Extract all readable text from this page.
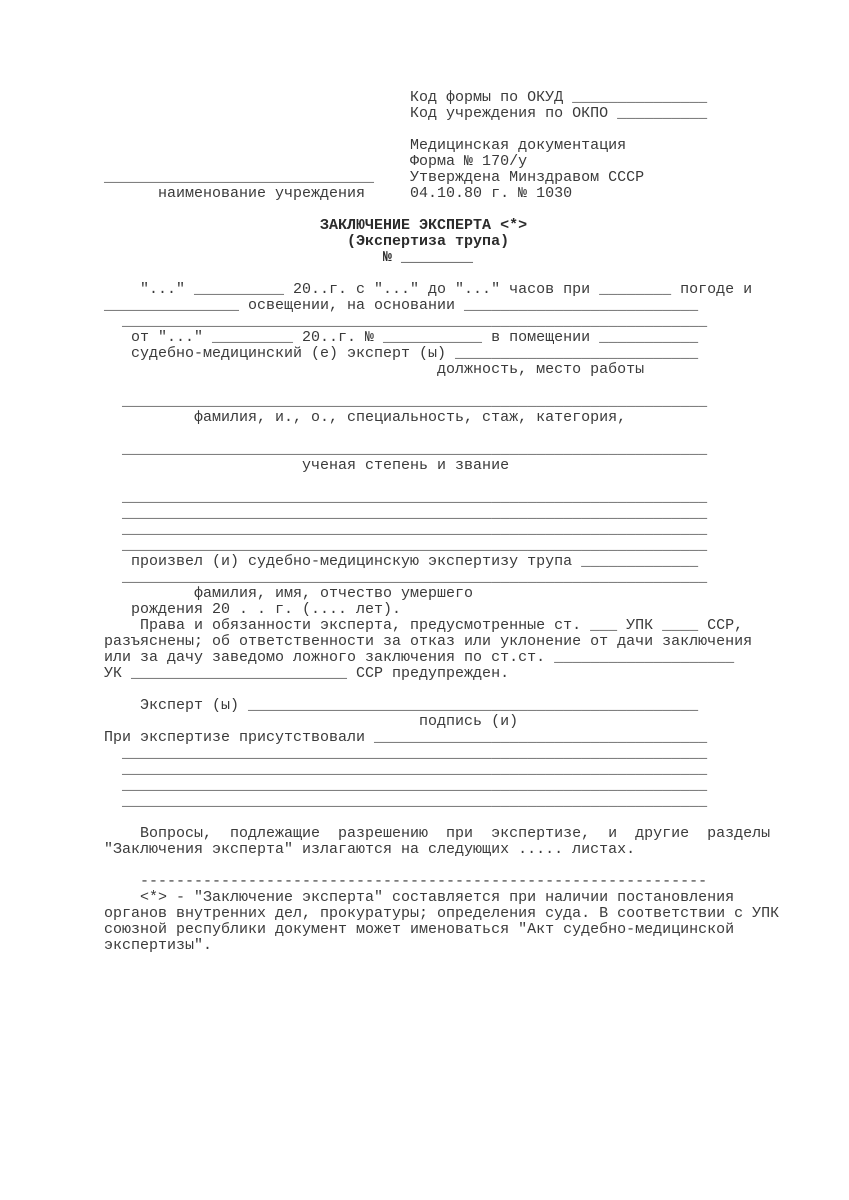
Код формы по ОКУД _______________
Код учреждения по ОКПО __________
Медицинская документация
Форма № 170/у
______________________________    Утверждена Минздравом СССР
наименование учреждения     04.10.80 г. № 1030
ЗАКЛЮЧЕНИЕ ЭКСПЕРТА <*>
(Экспертиза трупа)
№ ________
"..." __________ 20..г. с "..." до "..." часов при ________ погоде и
_______________ освещении, на основании __________________________
_________________________________________________________________
от "..." _________ 20..г. № ___________ в помещении ___________
судебно-медицинский (е) эксперт (ы) ___________________________
должность, место работы
_________________________________________________________________
фамилия, и., о., специальность, стаж, категория,
_________________________________________________________________
ученая степень и звание
_________________________________________________________________
_________________________________________________________________
_________________________________________________________________
_________________________________________________________________
произвел (и) судебно-медицинскую экспертизу трупа _____________
_________________________________________________________________
фамилия, имя, отчество умершего
рождения 20 . . г. (.... лет).
Права и обязанности эксперта, предусмотренные ст. ___ УПК ____ ССР,
разъяснены; об ответственности за отказ или уклонение от дачи заключения
или за дачу заведомо ложного заключения по ст.ст. ____________________
УК ________________________ ССР предупрежден.
Эксперт (ы) __________________________________________________
подпись (и)
При экспертизе присутствовали _____________________________________
_________________________________________________________________
_________________________________________________________________
_________________________________________________________________
_________________________________________________________________
Вопросы,  подлежащие  разрешению  при  экспертизе,  и  другие  разделы
"Заключения эксперта" излагаются на следующих ..... листах.
---------------------------------------------------------------
<*> - "Заключение эксперта" составляется при наличии постановления
органов внутренних дел, прокуратуры; определения суда. В соответствии с УПК
союзной республики документ может именоваться "Акт судебно-медицинской
экспертизы".
